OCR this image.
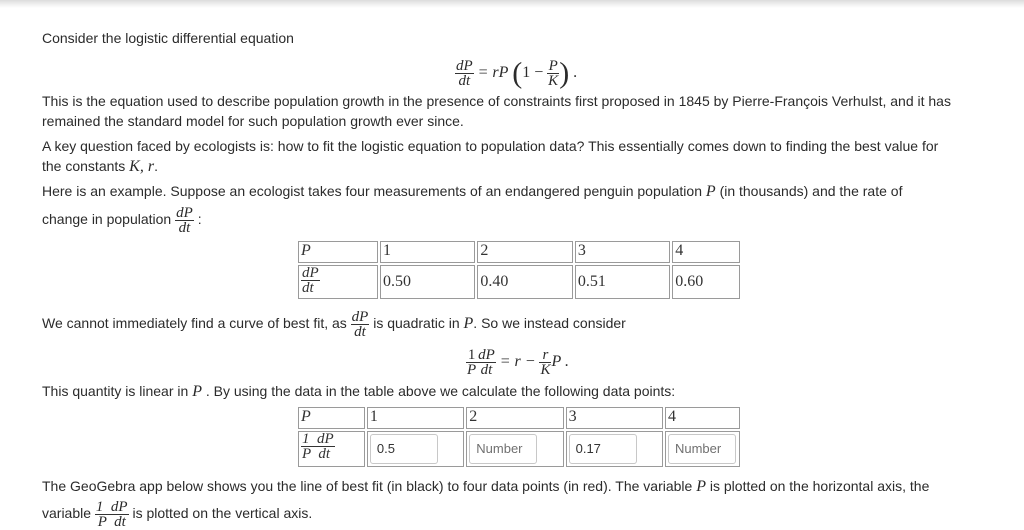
Consider the logistic differential equation
$\frac{dP}{dt}$ = rP ($1 - \frac{P}{K}$ ) .
This is the equation used to describe population growth in the presence of constraints first proposed in 1845 by Pierre-François Verhulst, and it has
remained the standard model for such population growth ever since.
A key question faced by ecologists is: how to fit the logistic equation to population data? This essentially comes down to finding the best value for
the constants K, r.
Here is an example. Suppose an ecologist takes four measurements of an endangered penguin population P (in thousands) and the rate of
change in population $\frac{dP}{dt}$ :
P	1	2	3	4

$\frac{dP}{dt}$	0.50	0.40	0.51	0.60
We cannot immediately find a curve of best fit, as $\frac{dP}{dt}$ is quadratic in P. So we instead consider
$\frac{1}{P} \frac{dP}{dt} = r - \frac{r}{K}$ P .
This quantity is linear in P . By using the data in the table above we calculate the following data points:
P	1	2	3	4

$\frac{1 dP}{\text{P  dt}}$	0.5	Number	0.17	Number
The GeoGebra app below shows you the line of best fit (in black) to four data points (in red). The variable P is plotted on the horizontal axis, the
variable $\frac{1 dP}{\text{P  dt}}$ is plotted on the vertical axis.
